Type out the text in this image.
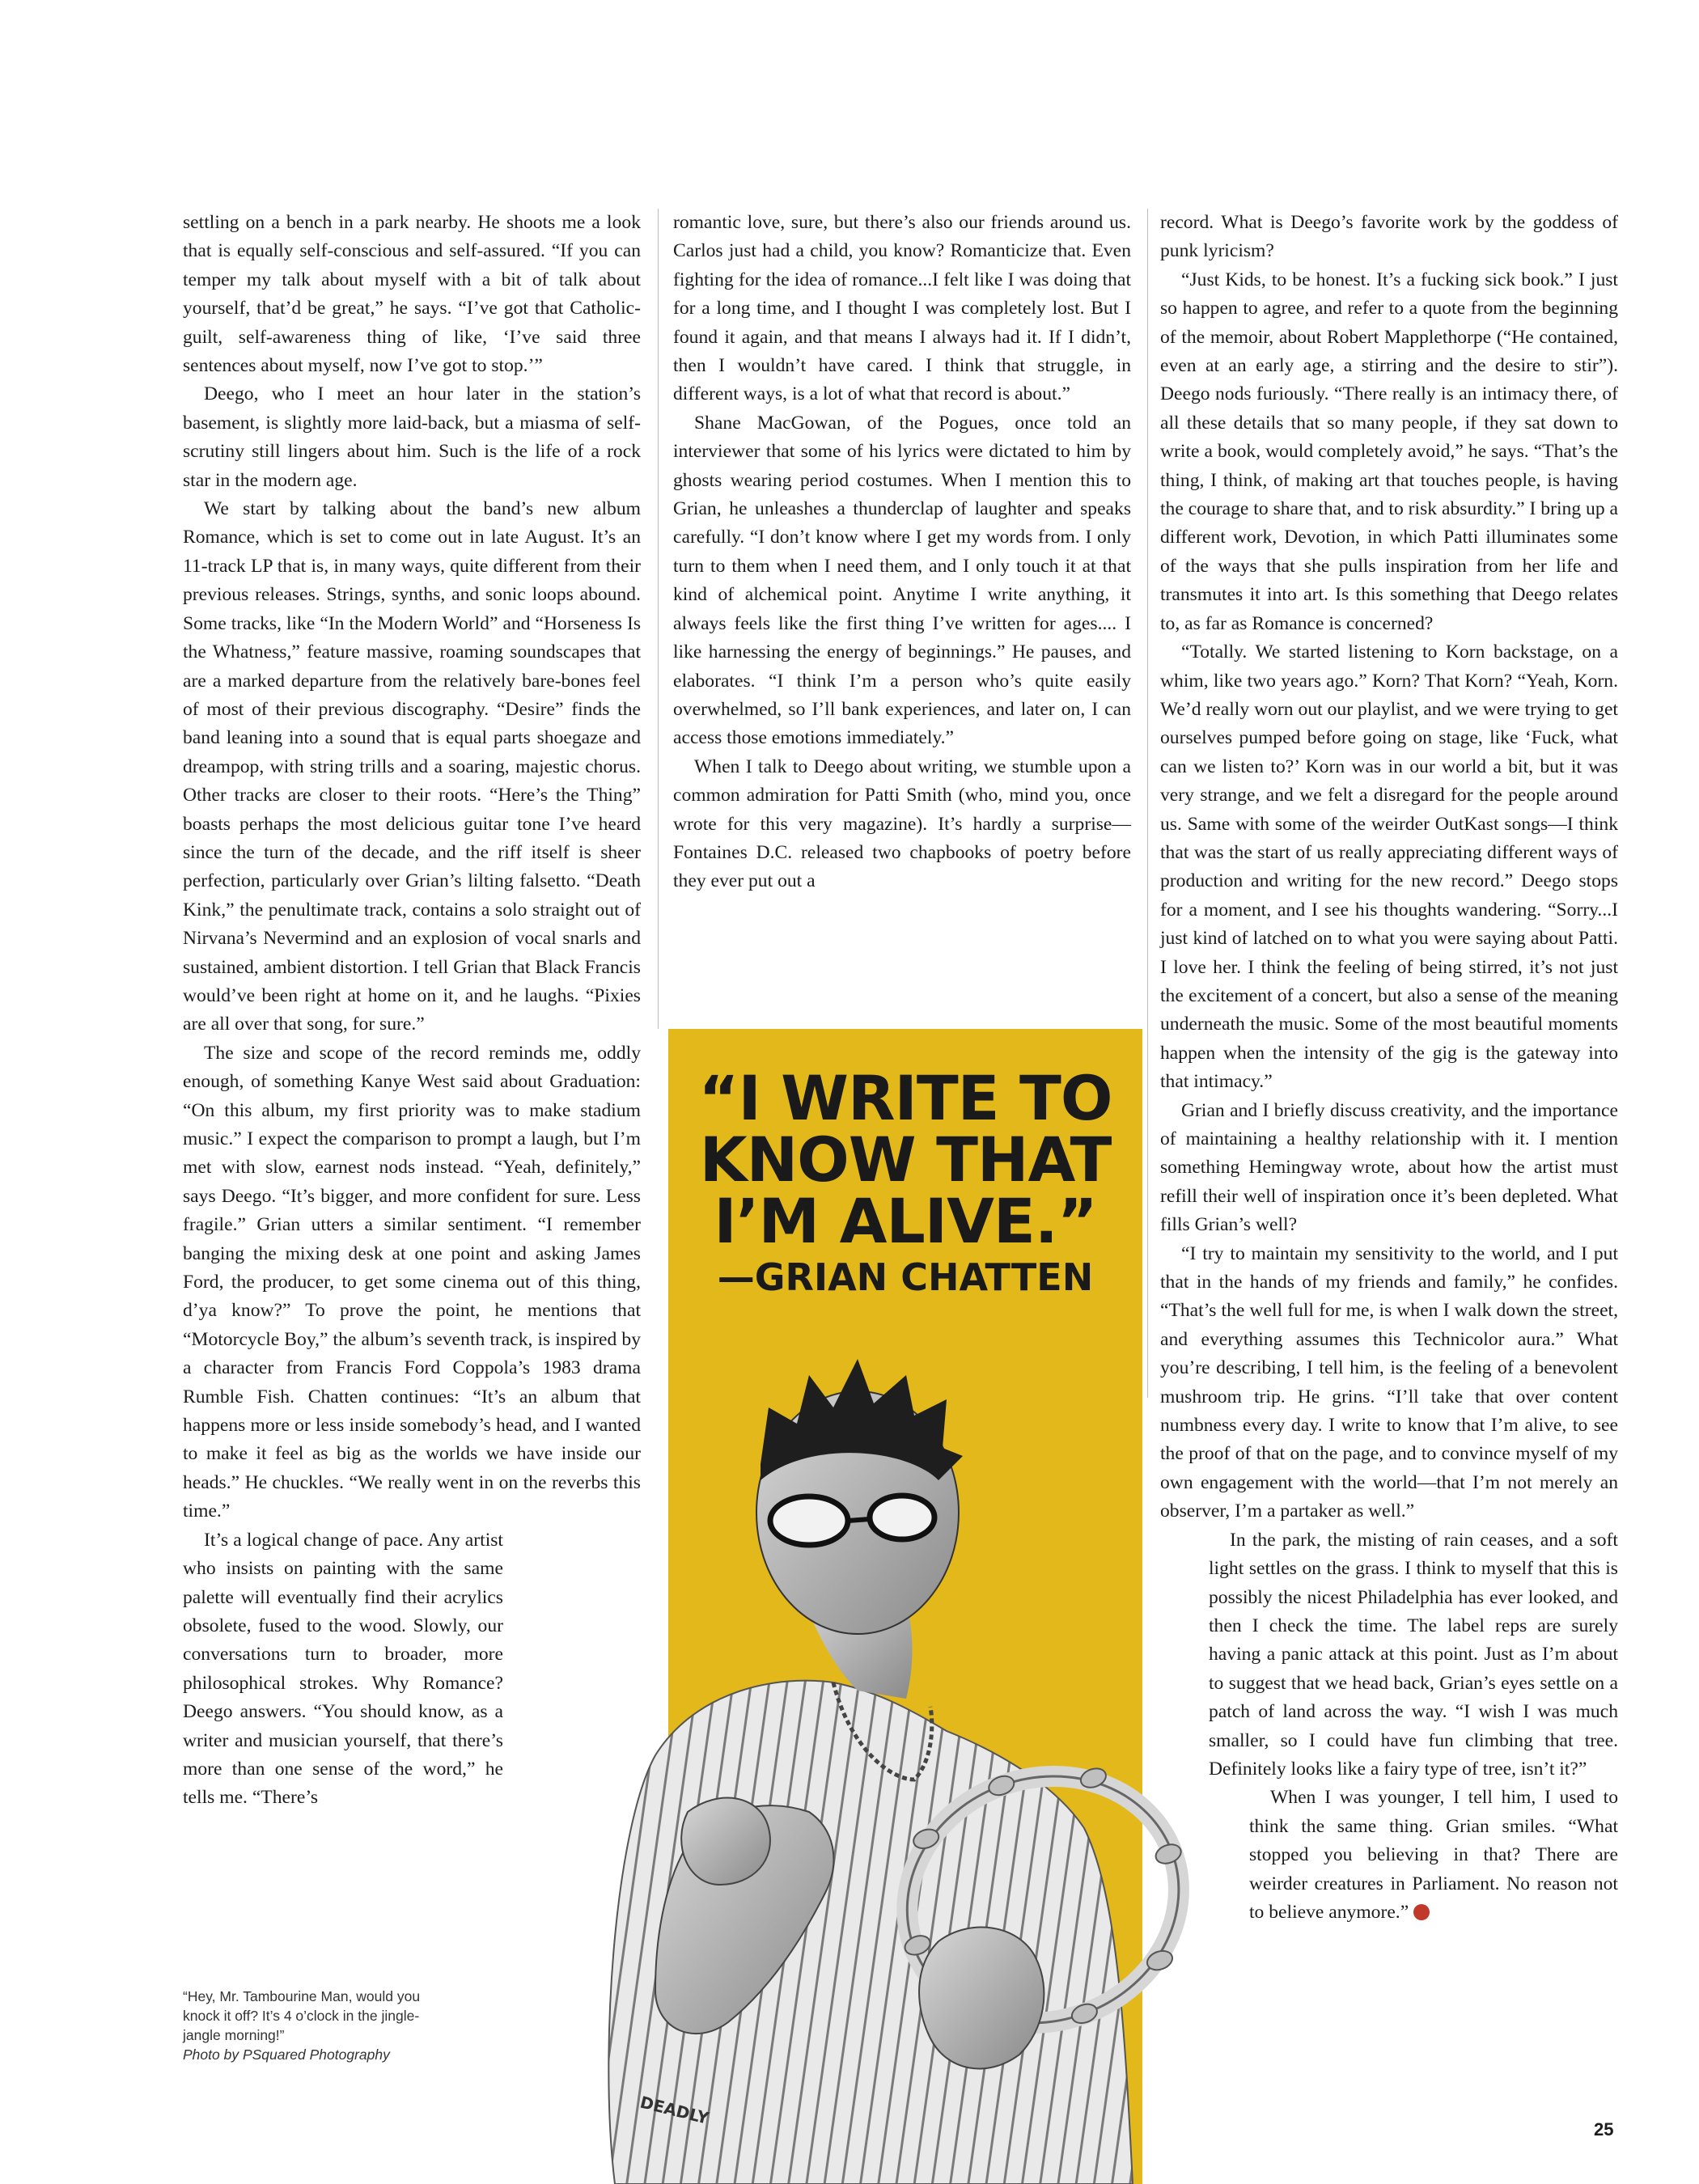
settling on a bench in a park nearby. He shoots me a look that is equally self-conscious and self-assured. “If you can temper my talk about myself with a bit of talk about yourself, that’d be great,” he says. “I’ve got that Catholic-guilt, self-awareness thing of like, ‘I’ve said three sentences about myself, now I’ve got to stop.’”

Deego, who I meet an hour later in the station’s basement, is slightly more laid-back, but a miasma of self-scrutiny still lingers about him. Such is the life of a rock star in the modern age.

We start by talking about the band’s new album Romance, which is set to come out in late August. It’s an 11-track LP that is, in many ways, quite different from their previous releases. Strings, synths, and sonic loops abound. Some tracks, like “In the Modern World” and “Horseness Is the Whatness,” feature massive, roaming soundscapes that are a marked departure from the relatively bare-bones feel of most of their previous discography. “Desire” finds the band leaning into a sound that is equal parts shoegaze and dreampop, with string trills and a soaring, majestic chorus. Other tracks are closer to their roots. “Here’s the Thing” boasts perhaps the most delicious guitar tone I’ve heard since the turn of the decade, and the riff itself is sheer perfection, particularly over Grian’s lilting falsetto. “Death Kink,” the penultimate track, contains a solo straight out of Nirvana’s Nevermind and an explosion of vocal snarls and sustained, ambient distortion. I tell Grian that Black Francis would’ve been right at home on it, and he laughs. “Pixies are all over that song, for sure.”

The size and scope of the record reminds me, oddly enough, of something Kanye West said about Graduation: “On this album, my first priority was to make stadium music.” I expect the comparison to prompt a laugh, but I’m met with slow, earnest nods instead. “Yeah, definitely,” says Deego. “It’s bigger, and more confident for sure. Less fragile.” Grian utters a similar sentiment. “I remember banging the mixing desk at one point and asking James Ford, the producer, to get some cinema out of this thing, d’ya know?” To prove the point, he mentions that “Motorcycle Boy,” the album’s seventh track, is inspired by a character from Francis Ford Coppola’s 1983 drama Rumble Fish. Chatten continues: “It’s an album that happens more or less inside somebody’s head, and I wanted to make it feel as big as the worlds we have inside our heads.” He chuckles. “We really went in on the reverbs this time.”

It’s a logical change of pace. Any artist who insists on painting with the same palette will eventually find their acrylics obsolete, fused to the wood. Slowly, our conversations turn to broader, more philosophical strokes. Why Romance? Deego answers. “You should know, as a writer and musician yourself, that there’s more than one sense of the word,” he tells me. “There’s

romantic love, sure, but there’s also our friends around us. Carlos just had a child, you know? Romanticize that. Even fighting for the idea of romance...I felt like I was doing that for a long time, and I thought I was completely lost. But I found it again, and that means I always had it. If I didn’t, then I wouldn’t have cared. I think that struggle, in different ways, is a lot of what that record is about.”

Shane MacGowan, of the Pogues, once told an interviewer that some of his lyrics were dictated to him by ghosts wearing period costumes. When I mention this to Grian, he unleashes a thunderclap of laughter and speaks carefully. “I don’t know where I get my words from. I only turn to them when I need them, and I only touch it at that kind of alchemical point. Anytime I write anything, it always feels like the first thing I’ve written for ages.... I like harnessing the energy of beginnings.” He pauses, and elaborates. “I think I’m a person who’s quite easily overwhelmed, so I’ll bank experiences, and later on, I can access those emotions immediately.”

When I talk to Deego about writing, we stumble upon a common admiration for Patti Smith (who, mind you, once wrote for this very magazine). It’s hardly a surprise—Fontaines D.C. released two chapbooks of poetry before they ever put out a

record. What is Deego’s favorite work by the goddess of punk lyricism?

“Just Kids, to be honest. It’s a fucking sick book.” I just so happen to agree, and refer to a quote from the beginning of the memoir, about Robert Mapplethorpe (“He contained, even at an early age, a stirring and the desire to stir”). Deego nods furiously. “There really is an intimacy there, of all these details that so many people, if they sat down to write a book, would completely avoid,” he says. “That’s the thing, I think, of making art that touches people, is having the courage to share that, and to risk absurdity.” I bring up a different work, Devotion, in which Patti illuminates some of the ways that she pulls inspiration from her life and transmutes it into art. Is this something that Deego relates to, as far as Romance is concerned?

“Totally. We started listening to Korn backstage, on a whim, like two years ago.” Korn? That Korn? “Yeah, Korn. We’d really worn out our playlist, and we were trying to get ourselves pumped before going on stage, like ‘Fuck, what can we listen to?’ Korn was in our world a bit, but it was very strange, and we felt a disregard for the people around us. Same with some of the weirder OutKast songs—I think that was the start of us really appreciating different ways of production and writing for the new record.” Deego stops for a moment, and I see his thoughts wandering. “Sorry...I just kind of latched on to what you were saying about Patti. I love her. I think the feeling of being stirred, it’s not just the excitement of a concert, but also a sense of the meaning underneath the music. Some of the most beautiful moments happen when the intensity of the gig is the gateway into that intimacy.”

Grian and I briefly discuss creativity, and the importance of maintaining a healthy relationship with it. I mention something Hemingway wrote, about how the artist must refill their well of inspiration once it’s been depleted. What fills Grian’s well?

“I try to maintain my sensitivity to the world, and I put that in the hands of my friends and family,” he confides. “That’s the well full for me, is when I walk down the street, and everything assumes this Technicolor aura.” What you’re describing, I tell him, is the feeling of a benevolent mushroom trip. He grins. “I’ll take that over content numbness every day. I write to know that I’m alive, to see the proof of that on the page, and to convince myself of my own engagement with the world—that I’m not merely an observer, I’m a partaker as well.”

In the park, the misting of rain ceases, and a soft light settles on the grass. I think to myself that this is possibly the nicest Philadelphia has ever looked, and then I check the time. The label reps are surely having a panic attack at this point. Just as I’m about to suggest that we head back, Grian’s eyes settle on a patch of land across the way. “I wish I was much smaller, so I could have fun climbing that tree. Definitely looks like a fairy type of tree, isn’t it?”

When I was younger, I tell him, I used to think the same thing. Grian smiles. “What stopped you believing in that? There are weirder creatures in Parliament. No reason not to believe anymore.”

“I WRITE TO
KNOW THAT
I’M ALIVE.”
—GRIAN CHATTEN
DEADLY
“Hey, Mr. Tambourine Man, would you knock it off? It’s 4 o’clock in the jingle-jangle morning!”
Photo by PSquared Photography
25
